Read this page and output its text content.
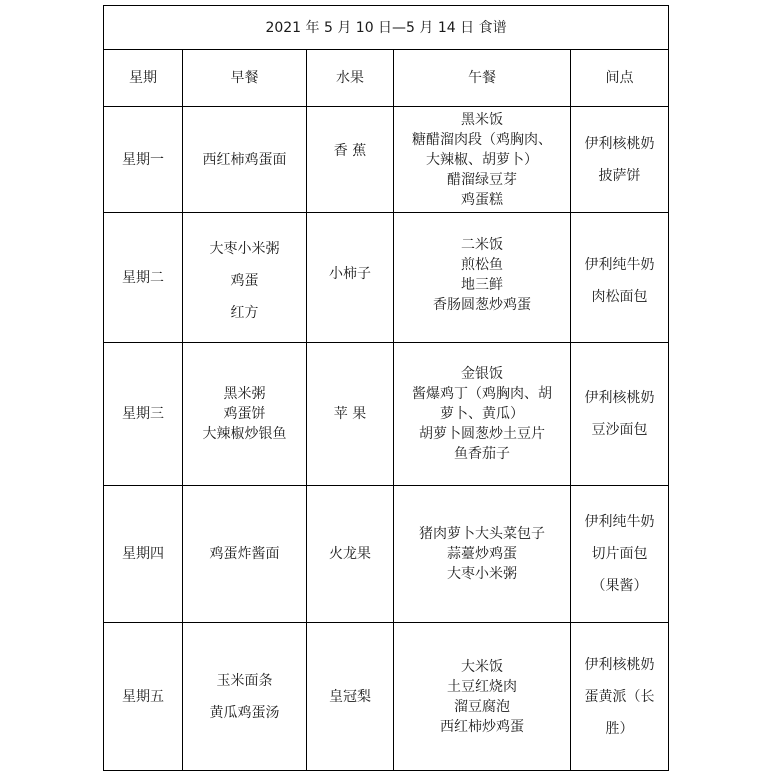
2021 年 5 月 10 日—5 月 14 日 食谱				
星期	早餐	水果	午餐	间点
星期一	西红柿鸡蛋面	香 蕉	黑米饭
糖醋溜肉段（鸡胸肉、
大辣椒、胡萝卜）
醋溜绿豆芽
鸡蛋糕	伊利核桃奶
披萨饼

星期二	大枣小米粥
鸡蛋
红方	小柿子	二米饭
煎松鱼
地三鲜
香肠圆葱炒鸡蛋	伊利纯牛奶
肉松面包

星期三	黑米粥
鸡蛋饼
大辣椒炒银鱼	苹 果	金银饭
酱爆鸡丁（鸡胸肉、胡
萝卜、黄瓜）
胡萝卜圆葱炒土豆片
鱼香茄子	伊利核桃奶
豆沙面包

星期四	鸡蛋炸酱面	火龙果	猪肉萝卜大头菜包子
蒜薹炒鸡蛋
大枣小米粥	伊利纯牛奶
切片面包
（果酱）

星期五	玉米面条
黄瓜鸡蛋汤	皇冠梨	大米饭
土豆红烧肉
溜豆腐泡
西红柿炒鸡蛋	伊利核桃奶
蛋黄派（长
胜）
